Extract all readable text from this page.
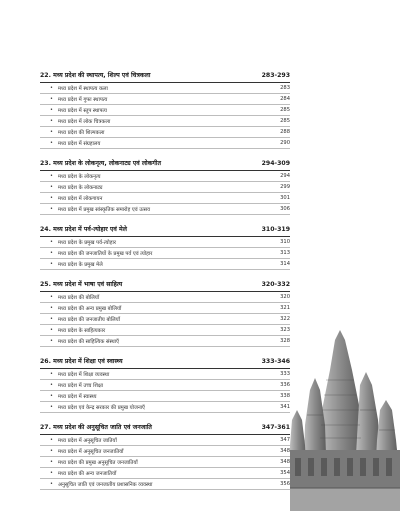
22. मध्य प्रदेश की स्थापत्य, शिल्प एवं चित्रकला	283-293
• मध्य प्रदेश में स्थापत्य कला	283
• मध्य प्रदेश में गुफा स्थापत्य	284
• मध्य प्रदेश में स्तूप स्थापत्य	285
• मध्य प्रदेश में लोक चित्रकला	285
• मध्य प्रदेश की शिल्पकला	288
• मध्य प्रदेश में संग्रहालय	290
23. मध्य प्रदेश के लोकनृत्य, लोकनाट्य एवं लोकगीत	294-309
• मध्य प्रदेश के लोकनृत्य	294
• मध्य प्रदेश के लोकनाट्य	299
• मध्य प्रदेश में लोकगायन	301
• मध्य प्रदेश में प्रमुख सांस्कृतिक समारोह एवं उत्सव	306
24. मध्य प्रदेश में पर्व-त्योहार एवं मेले	310-319
• मध्य प्रदेश के प्रमुख पर्व-त्योहार	310
• मध्य प्रदेश की जनजातियों के प्रमुख पर्व एवं त्योहार	313
• मध्य प्रदेश के प्रमुख मेले	314
25. मध्य प्रदेश में भाषा एवं साहित्य	320-332
• मध्य प्रदेश की बोलियाँ	320
• मध्य प्रदेश की अन्य प्रमुख बोलियाँ	321
• मध्य प्रदेश की जनजातीय बोलियाँ	322
• मध्य प्रदेश के साहित्यकार	323
• मध्य प्रदेश की साहित्यिक संस्थाएँ	328
26. मध्य प्रदेश में शिक्षा एवं स्वास्थ्य	333-346
• मध्य प्रदेश में शिक्षा व्यवस्था	333
• मध्य प्रदेश में उच्च शिक्षा	336
• मध्य प्रदेश में स्वास्थ्य	338
• मध्य प्रदेश एवं केन्द्र सरकार की प्रमुख योजनाएँ	341
27. मध्य प्रदेश की अनुसूचित जाति एवं जनजाति	347-361
• मध्य प्रदेश में अनुसूचित जातियाँ	347
• मध्य प्रदेश में अनुसूचित जनजातियाँ	348
• मध्य प्रदेश की प्रमुख अनुसूचित जनजातियाँ	348
• मध्य प्रदेश की अन्य जनजातियाँ	354
• अनुसूचित जाति एवं जनजातीय प्रशासनिक व्यवस्था	356
